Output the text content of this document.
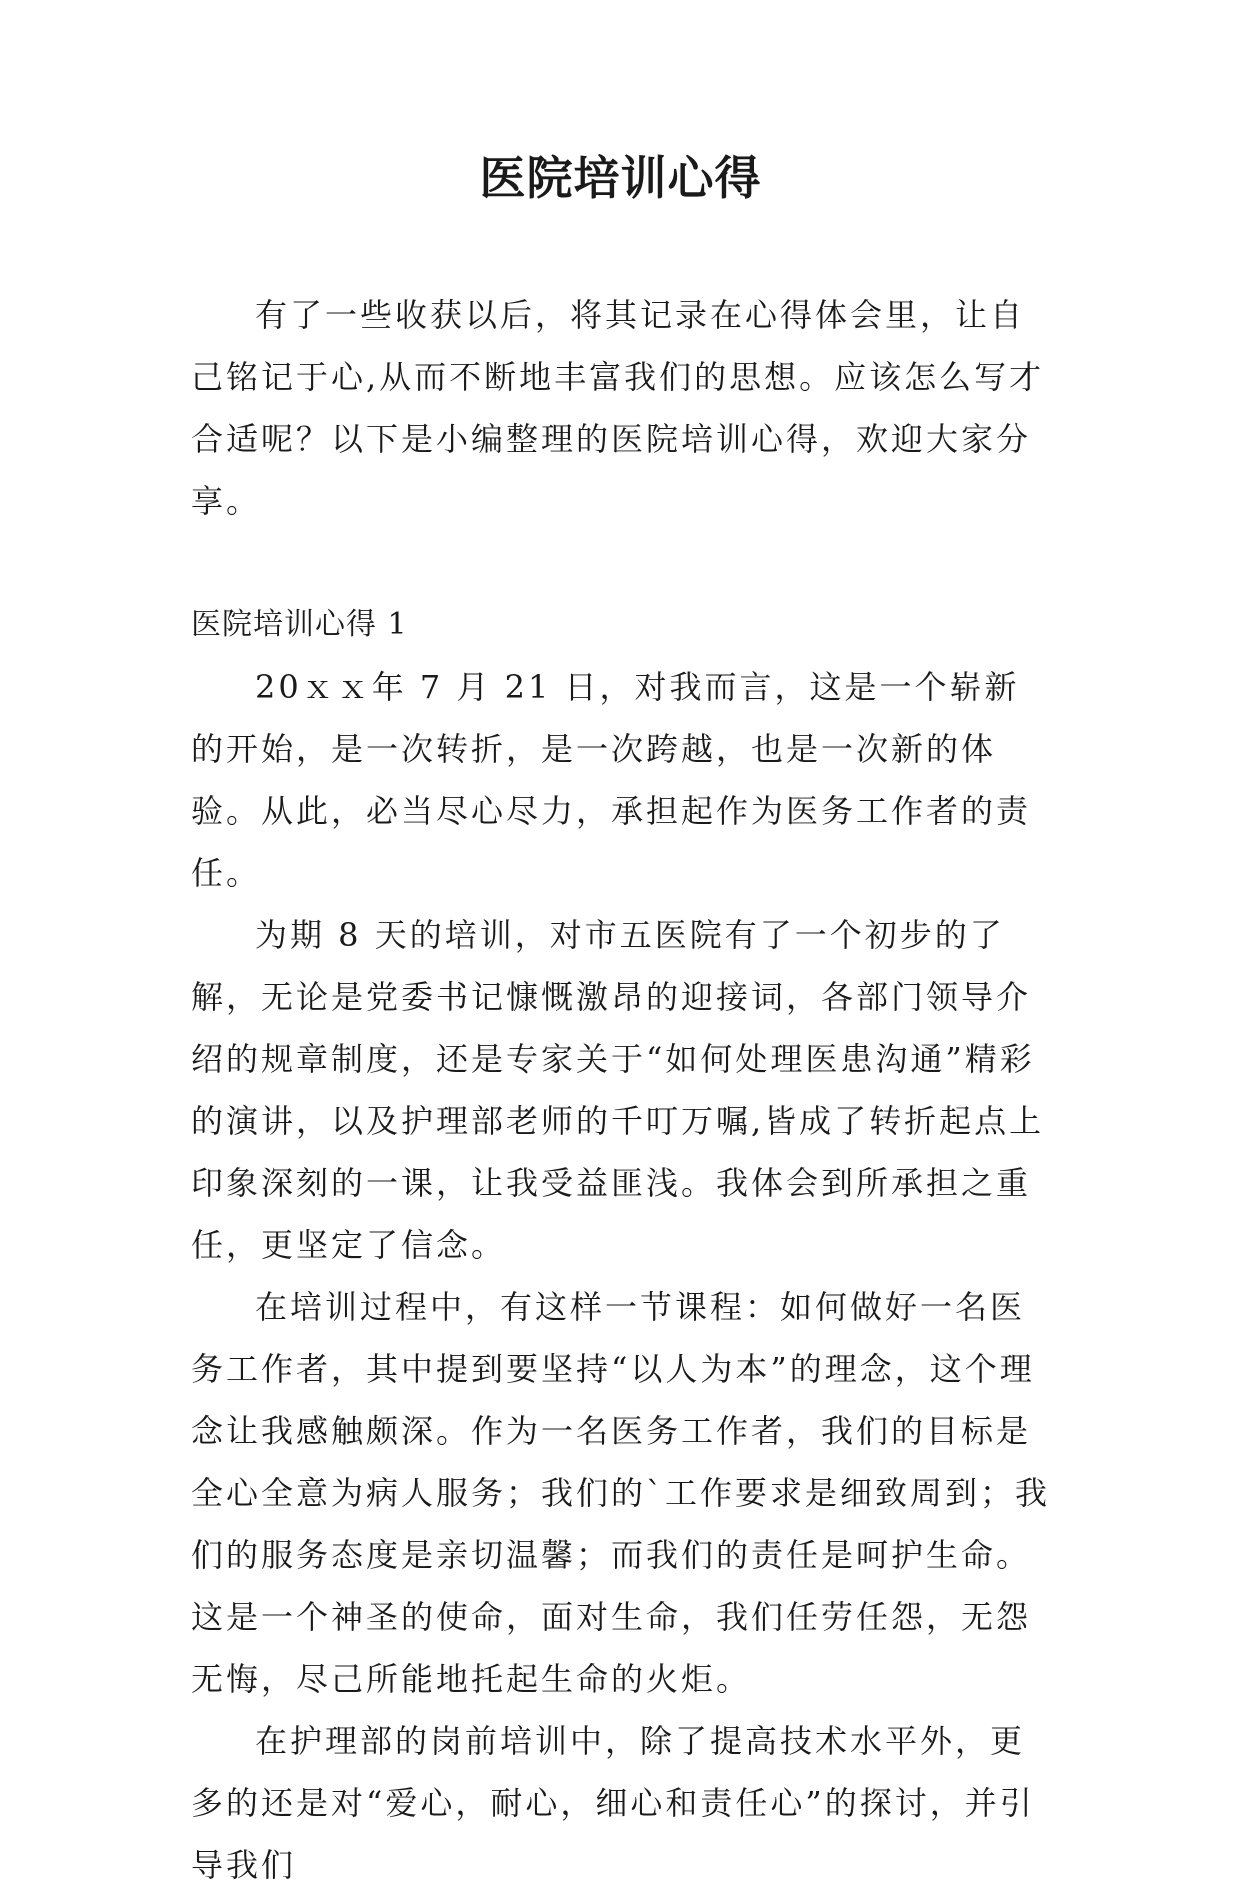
医院培训心得

有了一些收获以后，将其记录在心得体会里，让自己铭记于心,从而不断地丰富我们的思想。应该怎么写才合适呢？以下是小编整理的医院培训心得，欢迎大家分享。

医院培训心得 1

20ｘｘ年 7 月 21 日，对我而言，这是一个崭新的开始，是一次转折，是一次跨越，也是一次新的体验。从此，必当尽心尽力，承担起作为医务工作者的责任。

为期 8 天的培训，对市五医院有了一个初步的了解，无论是党委书记慷慨激昂的迎接词，各部门领导介绍的规章制度，还是专家关于“如何处理医患沟通”精彩的演讲，以及护理部老师的千叮万嘱,皆成了转折起点上印象深刻的一课，让我受益匪浅。我体会到所承担之重任，更坚定了信念。

在培训过程中，有这样一节课程：如何做好一名医务工作者，其中提到要坚持“以人为本”的理念，这个理念让我感触颇深。作为一名医务工作者，我们的目标是全心全意为病人服务；我们的`工作要求是细致周到；我们的服务态度是亲切温馨；而我们的责任是呵护生命。这是一个神圣的使命，面对生命，我们任劳任怨，无怨无悔，尽己所能地托起生命的火炬。

在护理部的岗前培训中，除了提高技术水平外，更多的还是对“爱心，耐心，细心和责任心”的探讨，并引导我们
